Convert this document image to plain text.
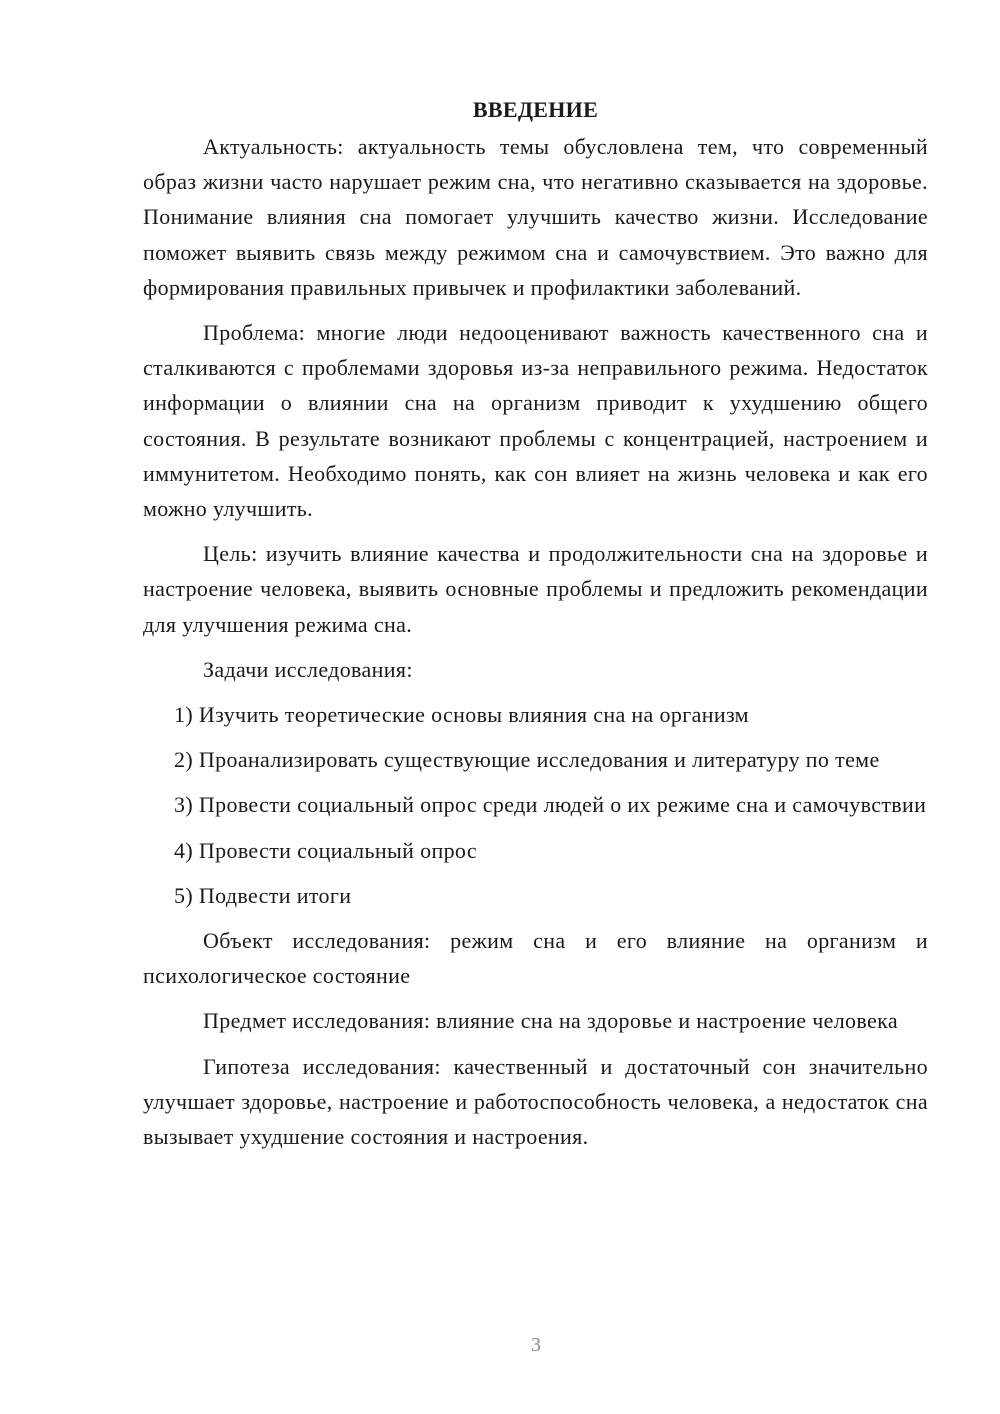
ВВЕДЕНИЕ

Актуальность: актуальность темы обусловлена тем, что современный образ жизни часто нарушает режим сна, что негативно сказывается на здоровье. Понимание влияния сна помогает улучшить качество жизни. Исследование поможет выявить связь между режимом сна и самочувствием. Это важно для формирования правильных привычек и профилактики заболеваний.

Проблема: многие люди недооценивают важность качественного сна и сталкиваются с проблемами здоровья из-за неправильного режима. Недостаток информации о влиянии сна на организм приводит к ухудшению общего состояния. В результате возникают проблемы с концентрацией, настроением и иммунитетом. Необходимо понять, как сон влияет на жизнь человека и как его можно улучшить.

Цель: изучить влияние качества и продолжительности сна на здоровье и настроение человека, выявить основные проблемы и предложить рекомендации для улучшения режима сна.

Задачи исследования:

1) Изучить теоретические основы влияния сна на организм

2) Проанализировать существующие исследования и литературу по теме

3) Провести социальный опрос среди людей о их режиме сна и самочувствии

4) Провести социальный опрос

5) Подвести итоги

Объект исследования: режим сна и его влияние на организм и психологическое состояние

Предмет исследования: влияние сна на здоровье и настроение человека

Гипотеза исследования: качественный и достаточный сон значительно улучшает здоровье, настроение и работоспособность человека, а недостаток сна вызывает ухудшение состояния и настроения.

3
